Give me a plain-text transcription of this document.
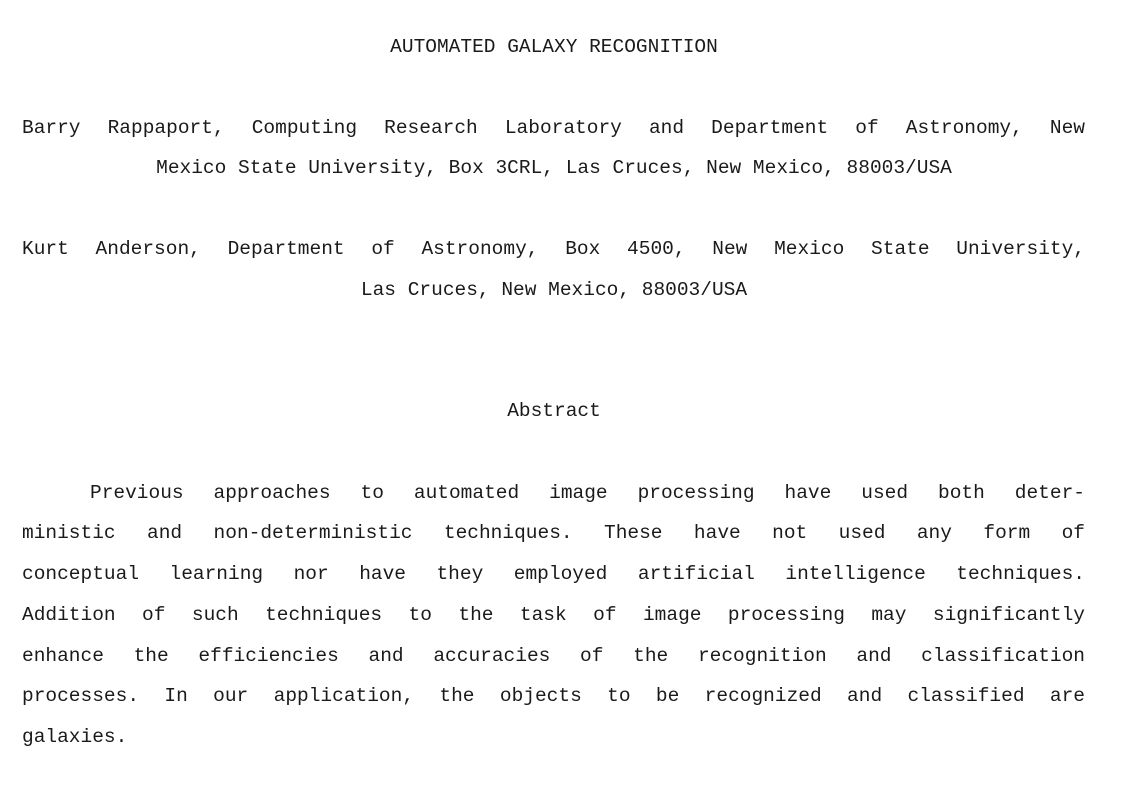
AUTOMATED GALAXY RECOGNITION
Barry Rappaport, Computing Research Laboratory and Department of Astronomy, New
Mexico State University, Box 3CRL, Las Cruces, New Mexico, 88003/USA
Kurt Anderson, Department of Astronomy, Box 4500, New Mexico State University,
Las Cruces, New Mexico, 88003/USA
Abstract
Previous approaches to automated image processing have used both deter-
ministic and non-deterministic techniques. These have not used any form of
conceptual learning nor have they employed artificial intelligence techniques.
Addition of such techniques to the task of image processing may significantly
enhance the efficiencies and accuracies of the recognition and classification
processes. In our application, the objects to be recognized and classified are
galaxies.
